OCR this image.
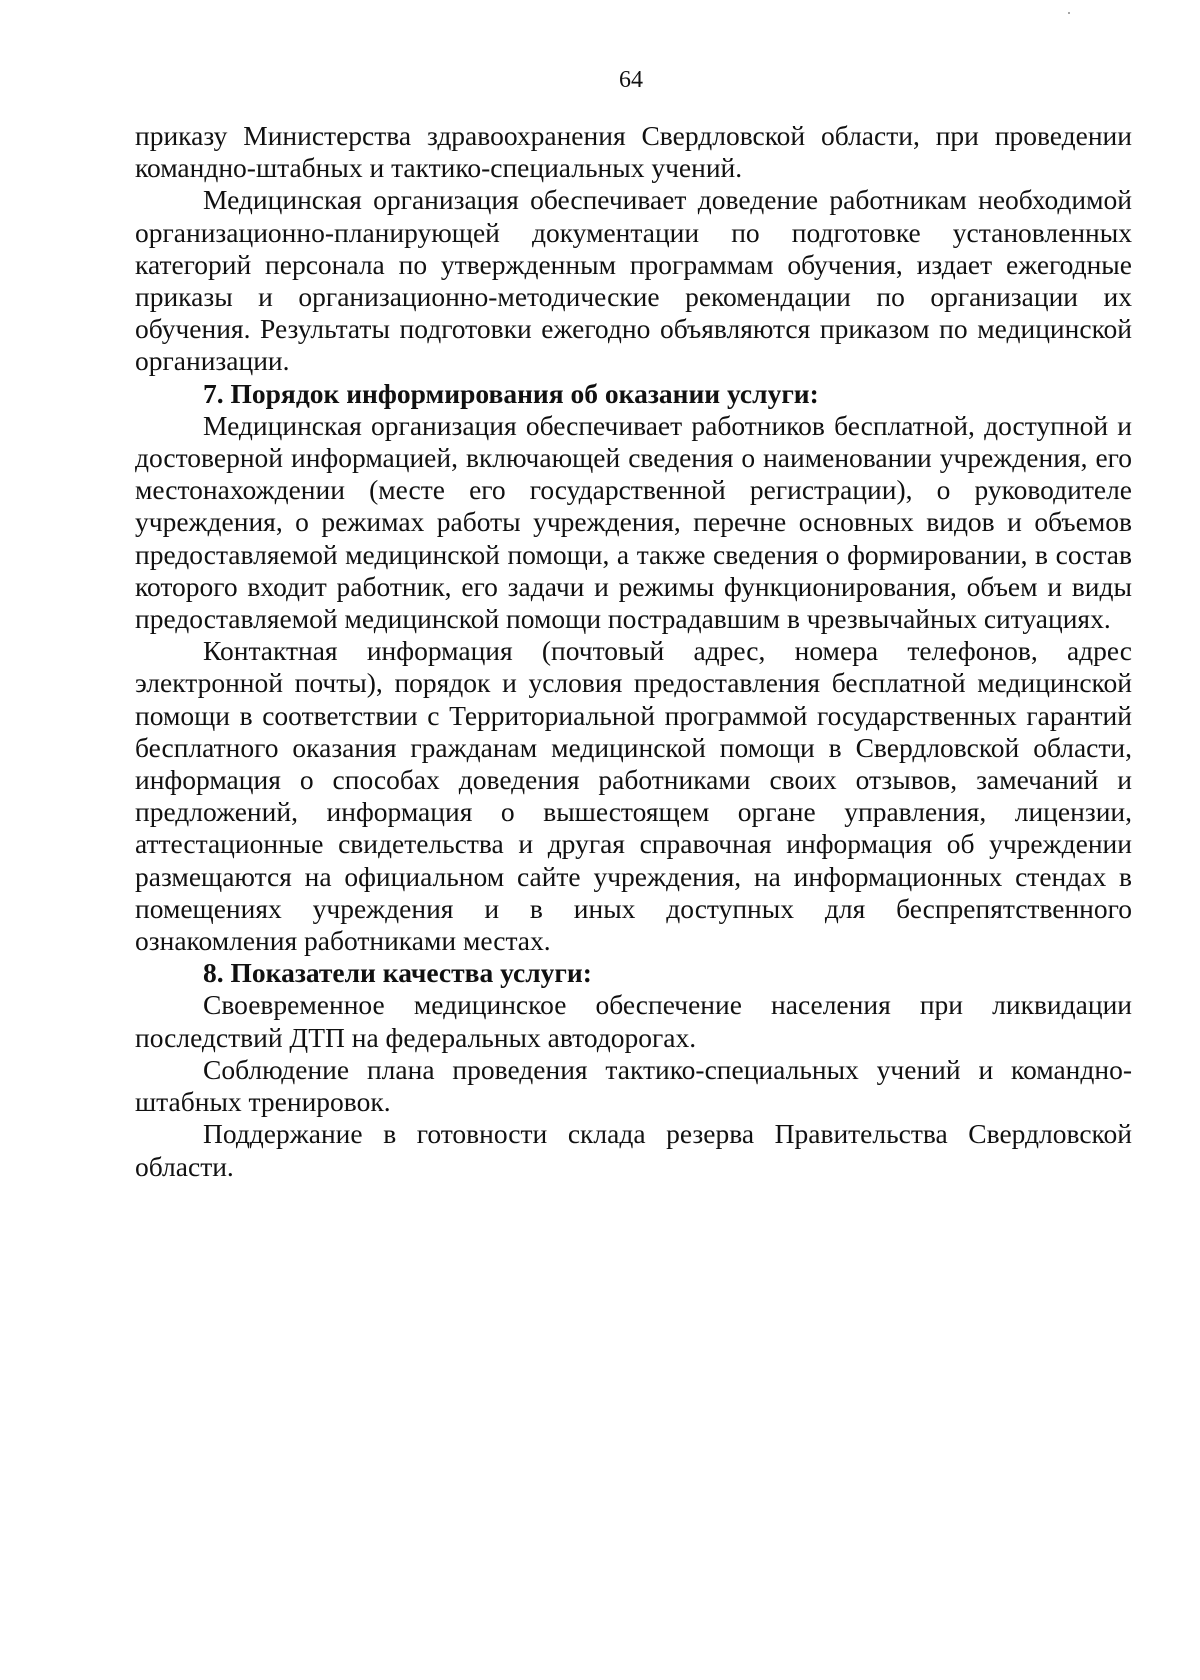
64

приказу Министерства здравоохранения Свердловской области, при проведении командно-штабных и тактико-специальных учений.

Медицинская организация обеспечивает доведение работникам необходимой организационно-планирующей документации по подготовке установленных категорий персонала по утвержденным программам обучения, издает ежегодные приказы и организационно-методические рекомендации по организации их обучения. Результаты подготовки ежегодно объявляются приказом по медицинской организации.

7. Порядок информирования об оказании услуги:

Медицинская организация обеспечивает работников бесплатной, доступной и достоверной информацией, включающей сведения о наименовании учреждения, его местонахождении (месте его государственной регистрации), о руководителе учреждения, о режимах работы учреждения, перечне основных видов и объемов предоставляемой медицинской помощи, а также сведения о формировании, в состав которого входит работник, его задачи и режимы функционирования, объем и виды предоставляемой медицинской помощи пострадавшим в чрезвычайных ситуациях.

Контактная информация (почтовый адрес, номера телефонов, адрес электронной почты), порядок и условия предоставления бесплатной медицинской помощи в соответствии с Территориальной программой государственных гарантий бесплатного оказания гражданам медицинской помощи в Свердловской области, информация о способах доведения работниками своих отзывов, замечаний и предложений, информация о вышестоящем органе управления, лицензии, аттестационные свидетельства и другая справочная информация об учреждении размещаются на официальном сайте учреждения, на информационных стендах в помещениях учреждения и в иных доступных для беспрепятственного ознакомления работниками местах.

8. Показатели качества услуги:

Своевременное медицинское обеспечение населения при ликвидации последствий ДТП на федеральных автодорогах.

Соблюдение плана проведения тактико-специальных учений и командно-штабных тренировок.

Поддержание в готовности склада резерва Правительства Свердловской области.
